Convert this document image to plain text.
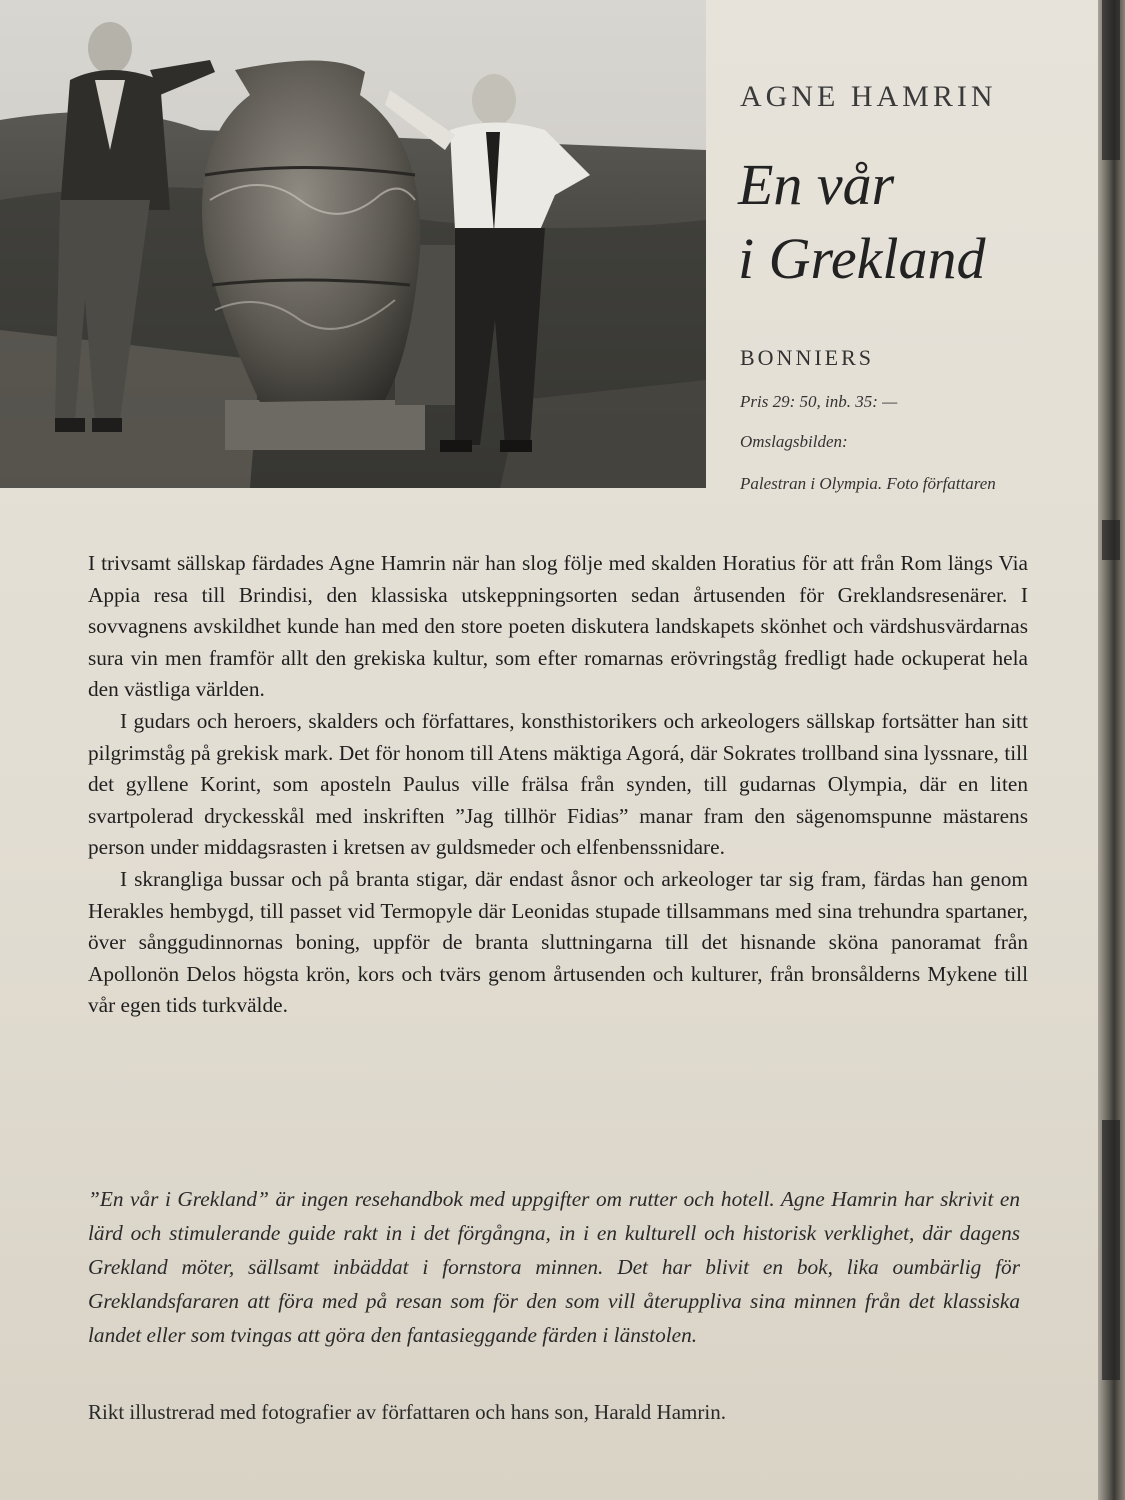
AGNE HAMRIN
En vår
i Grekland
BONNIERS
Pris 29: 50, inb. 35: —
Omslagsbilden:
Palestran i Olympia. Foto författaren

I trivsamt sällskap färdades Agne Hamrin när han slog följe med skalden Horatius för att från Rom längs Via Appia resa till Brindisi, den klassiska utskeppningsorten sedan årtusenden för Greklandsresenärer. I sovvagnens avskildhet kunde han med den store poeten diskutera landskapets skönhet och värdshusvärdarnas sura vin men framför allt den grekiska kultur, som efter romarnas erövringståg fredligt hade ockuperat hela den västliga världen.

I gudars och heroers, skalders och författares, konsthistorikers och arkeologers sällskap fortsätter han sitt pilgrimståg på grekisk mark. Det för honom till Atens mäktiga Agorá, där Sokrates trollband sina lyssnare, till det gyllene Korint, som aposteln Paulus ville frälsa från synden, till gudarnas Olympia, där en liten svartpolerad dryckesskål med inskriften ”Jag tillhör Fidias” manar fram den sägenomspunne mästarens person under middagsrasten i kretsen av guldsmeder och elfenbenssnidare.

I skrangliga bussar och på branta stigar, där endast åsnor och arkeologer tar sig fram, färdas han genom Herakles hembygd, till passet vid Termopyle där Leonidas stupade tillsammans med sina trehundra spartaner, över sånggudinnornas boning, uppför de branta sluttningarna till det hisnande sköna panoramat från Apollonön Delos högsta krön, kors och tvärs genom årtusenden och kulturer, från bronsålderns Mykene till vår egen tids turkvälde.

”En vår i Grekland” är ingen resehandbok med uppgifter om rutter och hotell. Agne Hamrin har skrivit en lärd och stimulerande guide rakt in i det förgångna, in i en kulturell och historisk verklighet, där dagens Grekland möter, sällsamt inbäddat i fornstora minnen. Det har blivit en bok, lika oumbärlig för Greklandsfararen att föra med på resan som för den som vill återuppliva sina minnen från det klassiska landet eller som tvingas att göra den fantasieggande färden i länstolen.
Rikt illustrerad med fotografier av författaren och hans son, Harald Hamrin.
